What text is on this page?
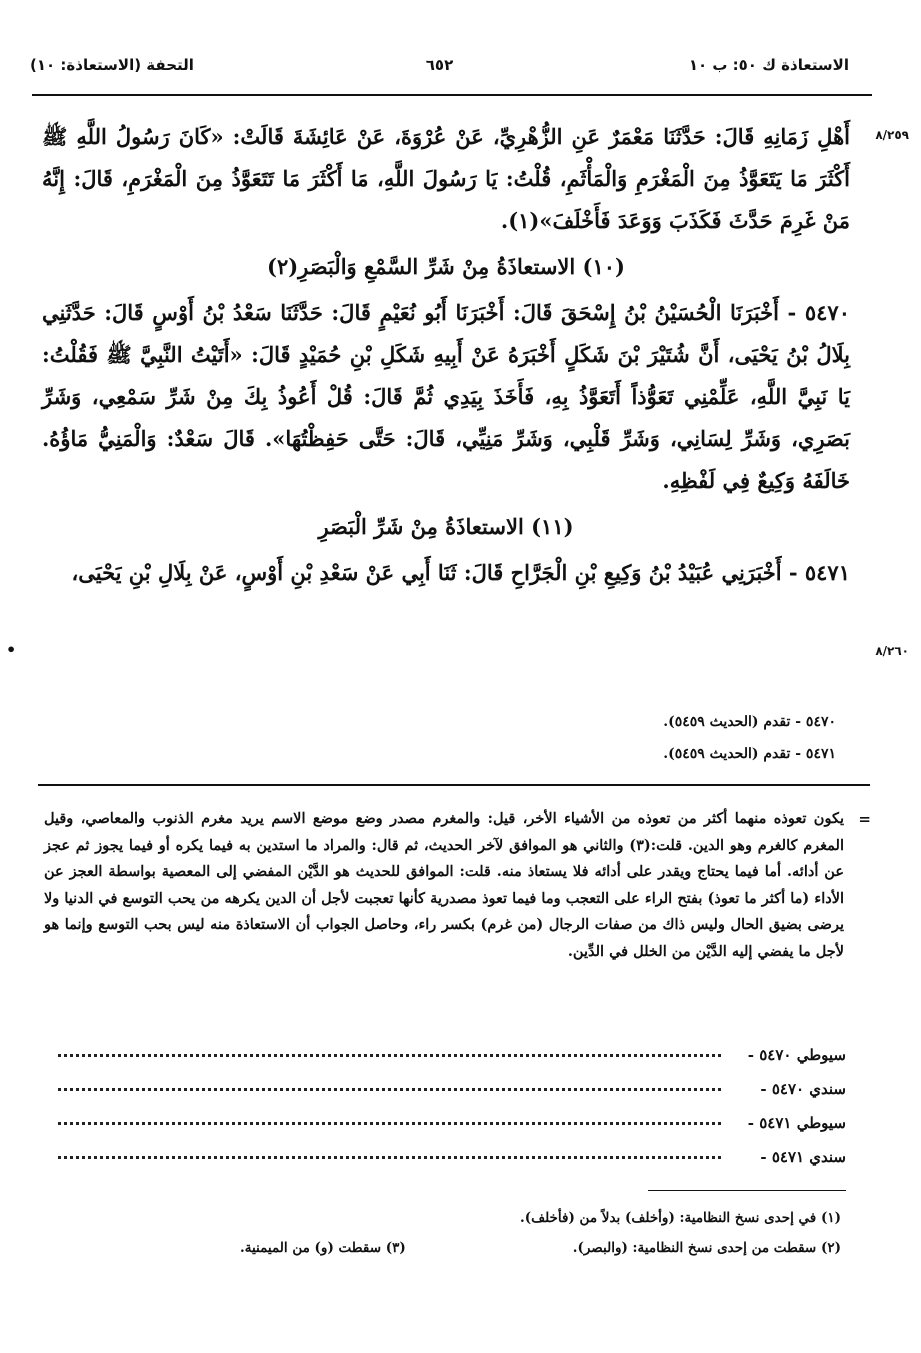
الاستعاذة ك ٥٠: ب ١٠
٦٥٢
التحفة (الاستعاذة: ١٠)
٨/٢٥٩
٨/٢٦٠
•

أَهْلِ زَمَانِهِ قَالَ: حَدَّثَنَا مَعْمَرٌ عَنِ الزُّهْرِيِّ، عَنْ عُرْوَةَ، عَنْ عَائِشَةَ قَالَتْ: «كَانَ رَسُولُ اللَّهِ ﷺ أَكْثَرَ مَا يَتَعَوَّذُ مِنَ الْمَغْرَمِ وَالْمَأْثَمِ، قُلْتُ: يَا رَسُولَ اللَّهِ، مَا أَكْثَرَ مَا تَتَعَوَّذُ مِنَ الْمَغْرَمِ، قَالَ: إِنَّهُ مَنْ غَرِمَ حَدَّثَ فَكَذَبَ وَوَعَدَ فَأَخْلَفَ»(١).

(١٠) الاستعاذَةُ مِنْ شَرِّ السَّمْعِ وَالْبَصَرِ(٢)

٥٤٧٠ - أَخْبَرَنَا الْحُسَيْنُ بْنُ إِسْحَقَ قَالَ: أَخْبَرَنَا أَبُو نُعَيْمٍ قَالَ: حَدَّثَنَا سَعْدُ بْنُ أَوْسٍ قَالَ: حَدَّثَنِي بِلَالُ بْنُ يَحْيَى، أَنَّ شُتَيْرَ بْنَ شَكَلٍ أَخْبَرَهُ عَنْ أَبِيهِ شَكَلِ بْنِ حُمَيْدٍ قَالَ: «أَتَيْتُ النَّبِيَّ ﷺ فَقُلْتُ: يَا نَبِيَّ اللَّهِ، عَلِّمْنِي تَعَوُّذاً أَتَعَوَّذُ بِهِ، فَأَخَذَ بِيَدِي ثُمَّ قَالَ: قُلْ أَعُوذُ بِكَ مِنْ شَرِّ سَمْعِي، وَشَرِّ بَصَرِي، وَشَرِّ لِسَانِي، وَشَرِّ قَلْبِي، وَشَرِّ مَنِيِّي، قَالَ: حَتَّى حَفِظْتُهَا». قَالَ سَعْدٌ: وَالْمَنِيُّ مَاؤُهُ. خَالَفَهُ وَكِيعٌ فِي لَفْظِهِ.

(١١) الاستعاذَةُ مِنْ شَرِّ الْبَصَرِ

٥٤٧١ - أَخْبَرَنِي عُبَيْدُ بْنُ وَكِيعِ بْنِ الْجَرَّاحِ قَالَ: ثَنَا أَبِي عَنْ سَعْدِ بْنِ أَوْسٍ، عَنْ بِلَالِ بْنِ يَحْيَى،

٥٤٧٠ - تقدم (الحديث ٥٤٥٩).
٥٤٧١ - تقدم (الحديث ٥٤٥٩).
=
يكون تعوذه منهما أكثر من تعوذه من الأشياء الأخر، قيل: والمغرم مصدر وضع موضع الاسم يريد مغرم الذنوب والمعاصي، وقيل المغرم كالغرم وهو الدين. قلت:(٣) والثاني هو الموافق لآخر الحديث، ثم قال: والمراد ما استدين به فيما يكره أو فيما يجوز ثم عجز عن أدائه. أما فيما يحتاج ويقدر على أدائه فلا يستعاذ منه. قلت: الموافق للحديث هو الدَّيْن المفضي إلى المعصية بواسطة العجز عن الأداء (ما أكثر ما تعوذ) بفتح الراء على التعجب وما فيما تعوذ مصدرية كأنها تعجبت لأجل أن الدين يكرهه من يحب التوسع في الدنيا ولا يرضى بضيق الحال وليس ذاك من صفات الرجال (من غرم) بكسر راء، وحاصل الجواب أن الاستعاذة منه ليس بحب التوسع وإنما هو لأجل ما يفضي إليه الدَّيْن من الخلل في الدِّين.
سيوطي ٥٤٧٠ -
سندي ٥٤٧٠ -
سيوطي ٥٤٧١ -
سندي ٥٤٧١ -
(١) في إحدى نسخ النظامية: (وأخلف) بدلاً من (فأخلف).
(٢) سقطت من إحدى نسخ النظامية: (والبصر).
(٣) سقطت (و) من الميمنية.
